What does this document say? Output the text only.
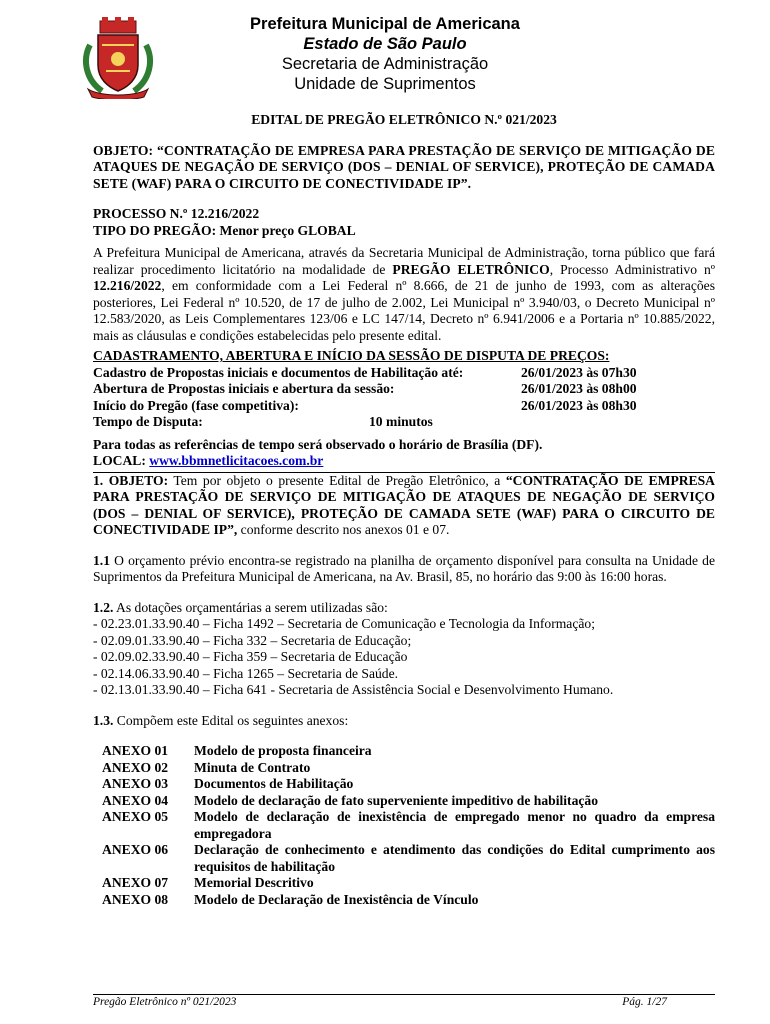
Prefeitura Municipal de Americana
Estado de São Paulo
Secretaria de Administração
Unidade de Suprimentos

EDITAL DE PREGÃO ELETRÔNICO N.º 021/2023

OBJETO: “CONTRATAÇÃO DE EMPRESA PARA PRESTAÇÃO DE SERVIÇO DE MITIGAÇÃO DE ATAQUES DE NEGAÇÃO DE SERVIÇO (DOS – DENIAL OF SERVICE), PROTEÇÃO DE CAMADA SETE (WAF) PARA O CIRCUITO DE CONECTIVIDADE IP”.

PROCESSO N.º 12.216/2022

TIPO DO PREGÃO: Menor preço GLOBAL

A Prefeitura Municipal de Americana, através da Secretaria Municipal de Administração, torna público que fará realizar procedimento licitatório na modalidade de PREGÃO ELETRÔNICO, Processo Administrativo nº 12.216/2022, em conformidade com a Lei Federal nº 8.666, de 21 de junho de 1993, com as alterações posteriores, Lei Federal nº 10.520, de 17 de julho de 2.002, Lei Municipal nº 3.940/03, o Decreto Municipal nº 12.583/2020, as Leis Complementares 123/06 e LC 147/14, Decreto nº 6.941/2006 e a Portaria nº 10.885/2022, mais as cláusulas e condições estabelecidas pelo presente edital.

CADASTRAMENTO, ABERTURA E INÍCIO DA SESSÃO DE DISPUTA DE PREÇOS:

Cadastro de Propostas iniciais e documentos de Habilitação até:	26/01/2023 às 07h30
Abertura de Propostas iniciais e abertura da sessão:	26/01/2023 às 08h00
Início do Pregão (fase competitiva):	26/01/2023 às 08h30
Tempo de Disputa:	10 minutos

Para todas as referências de tempo será observado o horário de Brasília (DF).

LOCAL: www.bbmnetlicitacoes.com.br

1. OBJETO: Tem por objeto o presente Edital de Pregão Eletrônico, a “CONTRATAÇÃO DE EMPRESA PARA PRESTAÇÃO DE SERVIÇO DE MITIGAÇÃO DE ATAQUES DE NEGAÇÃO DE SERVIÇO (DOS – DENIAL OF SERVICE), PROTEÇÃO DE CAMADA SETE (WAF) PARA O CIRCUITO DE CONECTIVIDADE IP”, conforme descrito nos anexos 01 e 07.

1.1 O orçamento prévio encontra-se registrado na planilha de orçamento disponível para consulta na Unidade de Suprimentos da Prefeitura Municipal de Americana, na Av. Brasil, 85, no horário das 9:00 às 16:00 horas.

1.2. As dotações orçamentárias a serem utilizadas são:

- 02.23.01.33.90.40 – Ficha 1492 – Secretaria de Comunicação e Tecnologia da Informação;

- 02.09.01.33.90.40 – Ficha 332 – Secretaria de Educação;

- 02.09.02.33.90.40 – Ficha 359 – Secretaria de Educação

- 02.14.06.33.90.40 – Ficha 1265 – Secretaria de Saúde.

- 02.13.01.33.90.40 – Ficha 641 - Secretaria de Assistência Social e Desenvolvimento Humano.

1.3. Compõem este Edital os seguintes anexos:

ANEXO 01	Modelo de proposta financeira
ANEXO 02	Minuta de Contrato
ANEXO 03	Documentos de Habilitação
ANEXO 04	Modelo de declaração de fato superveniente impeditivo de habilitação
ANEXO 05	Modelo de declaração de inexistência de empregado menor no quadro da empresa empregadora
ANEXO 06	Declaração de conhecimento e atendimento das condições do Edital cumprimento aos requisitos de habilitação
ANEXO 07	Memorial Descritivo
ANEXO 08	Modelo de Declaração de Inexistência de Vínculo
Pregão Eletrônico nº 021/2023	Pág. 1/27
